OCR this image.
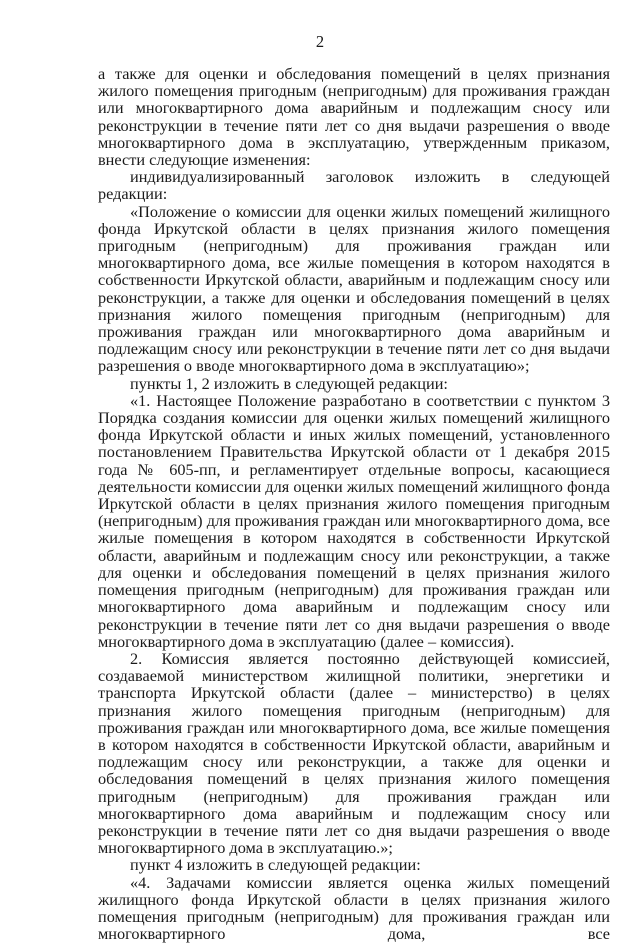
2

а также для оценки и обследования помещений в целях признания жилого помещения пригодным (непригодным) для проживания граждан или многоквартирного дома аварийным и подлежащим сносу или реконструкции в течение пяти лет со дня выдачи разрешения о вводе многоквартирного дома в эксплуатацию, утвержденным приказом, внести следующие изменения:

индивидуализированный заголовок изложить в следующей редакции:

«Положение о комиссии для оценки жилых помещений жилищного фонда Иркутской области в целях признания жилого помещения пригодным (непригодным) для проживания граждан или многоквартирного дома, все жилые помещения в котором находятся в собственности Иркутской области, аварийным и подлежащим сносу или реконструкции, а также для оценки и обследования помещений в целях признания жилого помещения пригодным (непригодным) для проживания граждан или многоквартирного дома аварийным и подлежащим сносу или реконструкции в течение пяти лет со дня выдачи разрешения о вводе многоквартирного дома в эксплуатацию»;

пункты 1, 2 изложить в следующей редакции:

«1. Настоящее Положение разработано в соответствии с пунктом 3 Порядка создания комиссии для оценки жилых помещений жилищного фонда Иркутской области и иных жилых помещений, установленного постановлением Правительства Иркутской области от 1 декабря 2015 года № 605-пп, и регламентирует отдельные вопросы, касающиеся деятельности комиссии для оценки жилых помещений жилищного фонда Иркутской области в целях признания жилого помещения пригодным (непригодным) для проживания граждан или многоквартирного дома, все жилые помещения в котором находятся в собственности Иркутской области, аварийным и подлежащим сносу или реконструкции, а также для оценки и обследования помещений в целях признания жилого помещения пригодным (непригодным) для проживания граждан или многоквартирного дома аварийным и подлежащим сносу или реконструкции в течение пяти лет со дня выдачи разрешения о вводе многоквартирного дома в эксплуатацию (далее – комиссия).

2. Комиссия является постоянно действующей комиссией, создаваемой министерством жилищной политики, энергетики и транспорта Иркутской области (далее – министерство) в целях признания жилого помещения пригодным (непригодным) для проживания граждан или многоквартирного дома, все жилые помещения в котором находятся в собственности Иркутской области, аварийным и подлежащим сносу или реконструкции, а также для оценки и обследования помещений в целях признания жилого помещения пригодным (непригодным) для проживания граждан или многоквартирного дома аварийным и подлежащим сносу или реконструкции в течение пяти лет со дня выдачи разрешения о вводе многоквартирного дома в эксплуатацию.»;

пункт 4 изложить в следующей редакции:

«4. Задачами комиссии является оценка жилых помещений жилищного фонда Иркутской области в целях признания жилого помещения пригодным (непригодным) для проживания граждан или многоквартирного дома, все
